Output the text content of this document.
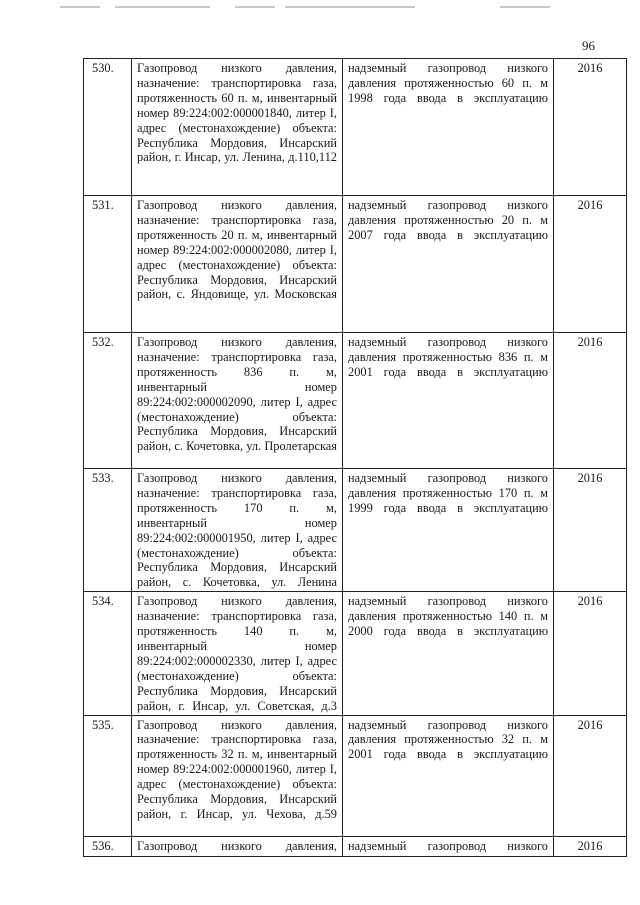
96
530.	Газопровод низкого давления, назначение: транспортировка газа, протяженность 60 п. м, инвентарный номер 89:224:002:000001840, литер I, адрес (местонахождение) объекта: Республика Мордовия, Инсарский район, г. Инсар, ул. Ленина, д.110,112	надземный газопровод низкого давления протяженностью 60 п. м 1998 года ввода в эксплуатацию	2016
531.	Газопровод низкого давления, назначение: транспортировка газа, протяженность 20 п. м, инвентарный номер 89:224:002:000002080, литер I, адрес (местонахождение) объекта: Республика Мордовия, Инсарский район, с. Яндовище, ул. Московская	надземный газопровод низкого давления протяженностью 20 п. м 2007 года ввода в эксплуатацию	2016
532.	Газопровод низкого давления, назначение: транспортировка газа, протяженность 836 п. м, инвентарный номер 89:224:002:000002090, литер I, адрес (местонахождение) объекта: Республика Мордовия, Инсарский район, с. Кочетовка, ул. Пролетарская	надземный газопровод низкого давления протяженностью 836 п. м 2001 года ввода в эксплуатацию	2016
533.	Газопровод низкого давления, назначение: транспортировка газа, протяженность 170 п. м, инвентарный номер 89:224:002:000001950, литер I, адрес (местонахождение) объекта: Республика Мордовия, Инсарский район, с. Кочетовка, ул. Ленина	надземный газопровод низкого давления протяженностью 170 п. м 1999 года ввода в эксплуатацию	2016
534.	Газопровод низкого давления, назначение: транспортировка газа, протяженность 140 п. м, инвентарный номер 89:224:002:000002330, литер I, адрес (местонахождение) объекта: Республика Мордовия, Инсарский район, г. Инсар, ул. Советская, д.3	надземный газопровод низкого давления протяженностью 140 п. м 2000 года ввода в эксплуатацию	2016
535.	Газопровод низкого давления, назначение: транспортировка газа, протяженность 32 п. м, инвентарный номер 89:224:002:000001960, литер I, адрес (местонахождение) объекта: Республика Мордовия, Инсарский район, г. Инсар, ул. Чехова, д.59	надземный газопровод низкого давления протяженностью 32 п. м 2001 года ввода в эксплуатацию	2016
536.	Газопровод низкого давления,	надземный газопровод низкого	2016
